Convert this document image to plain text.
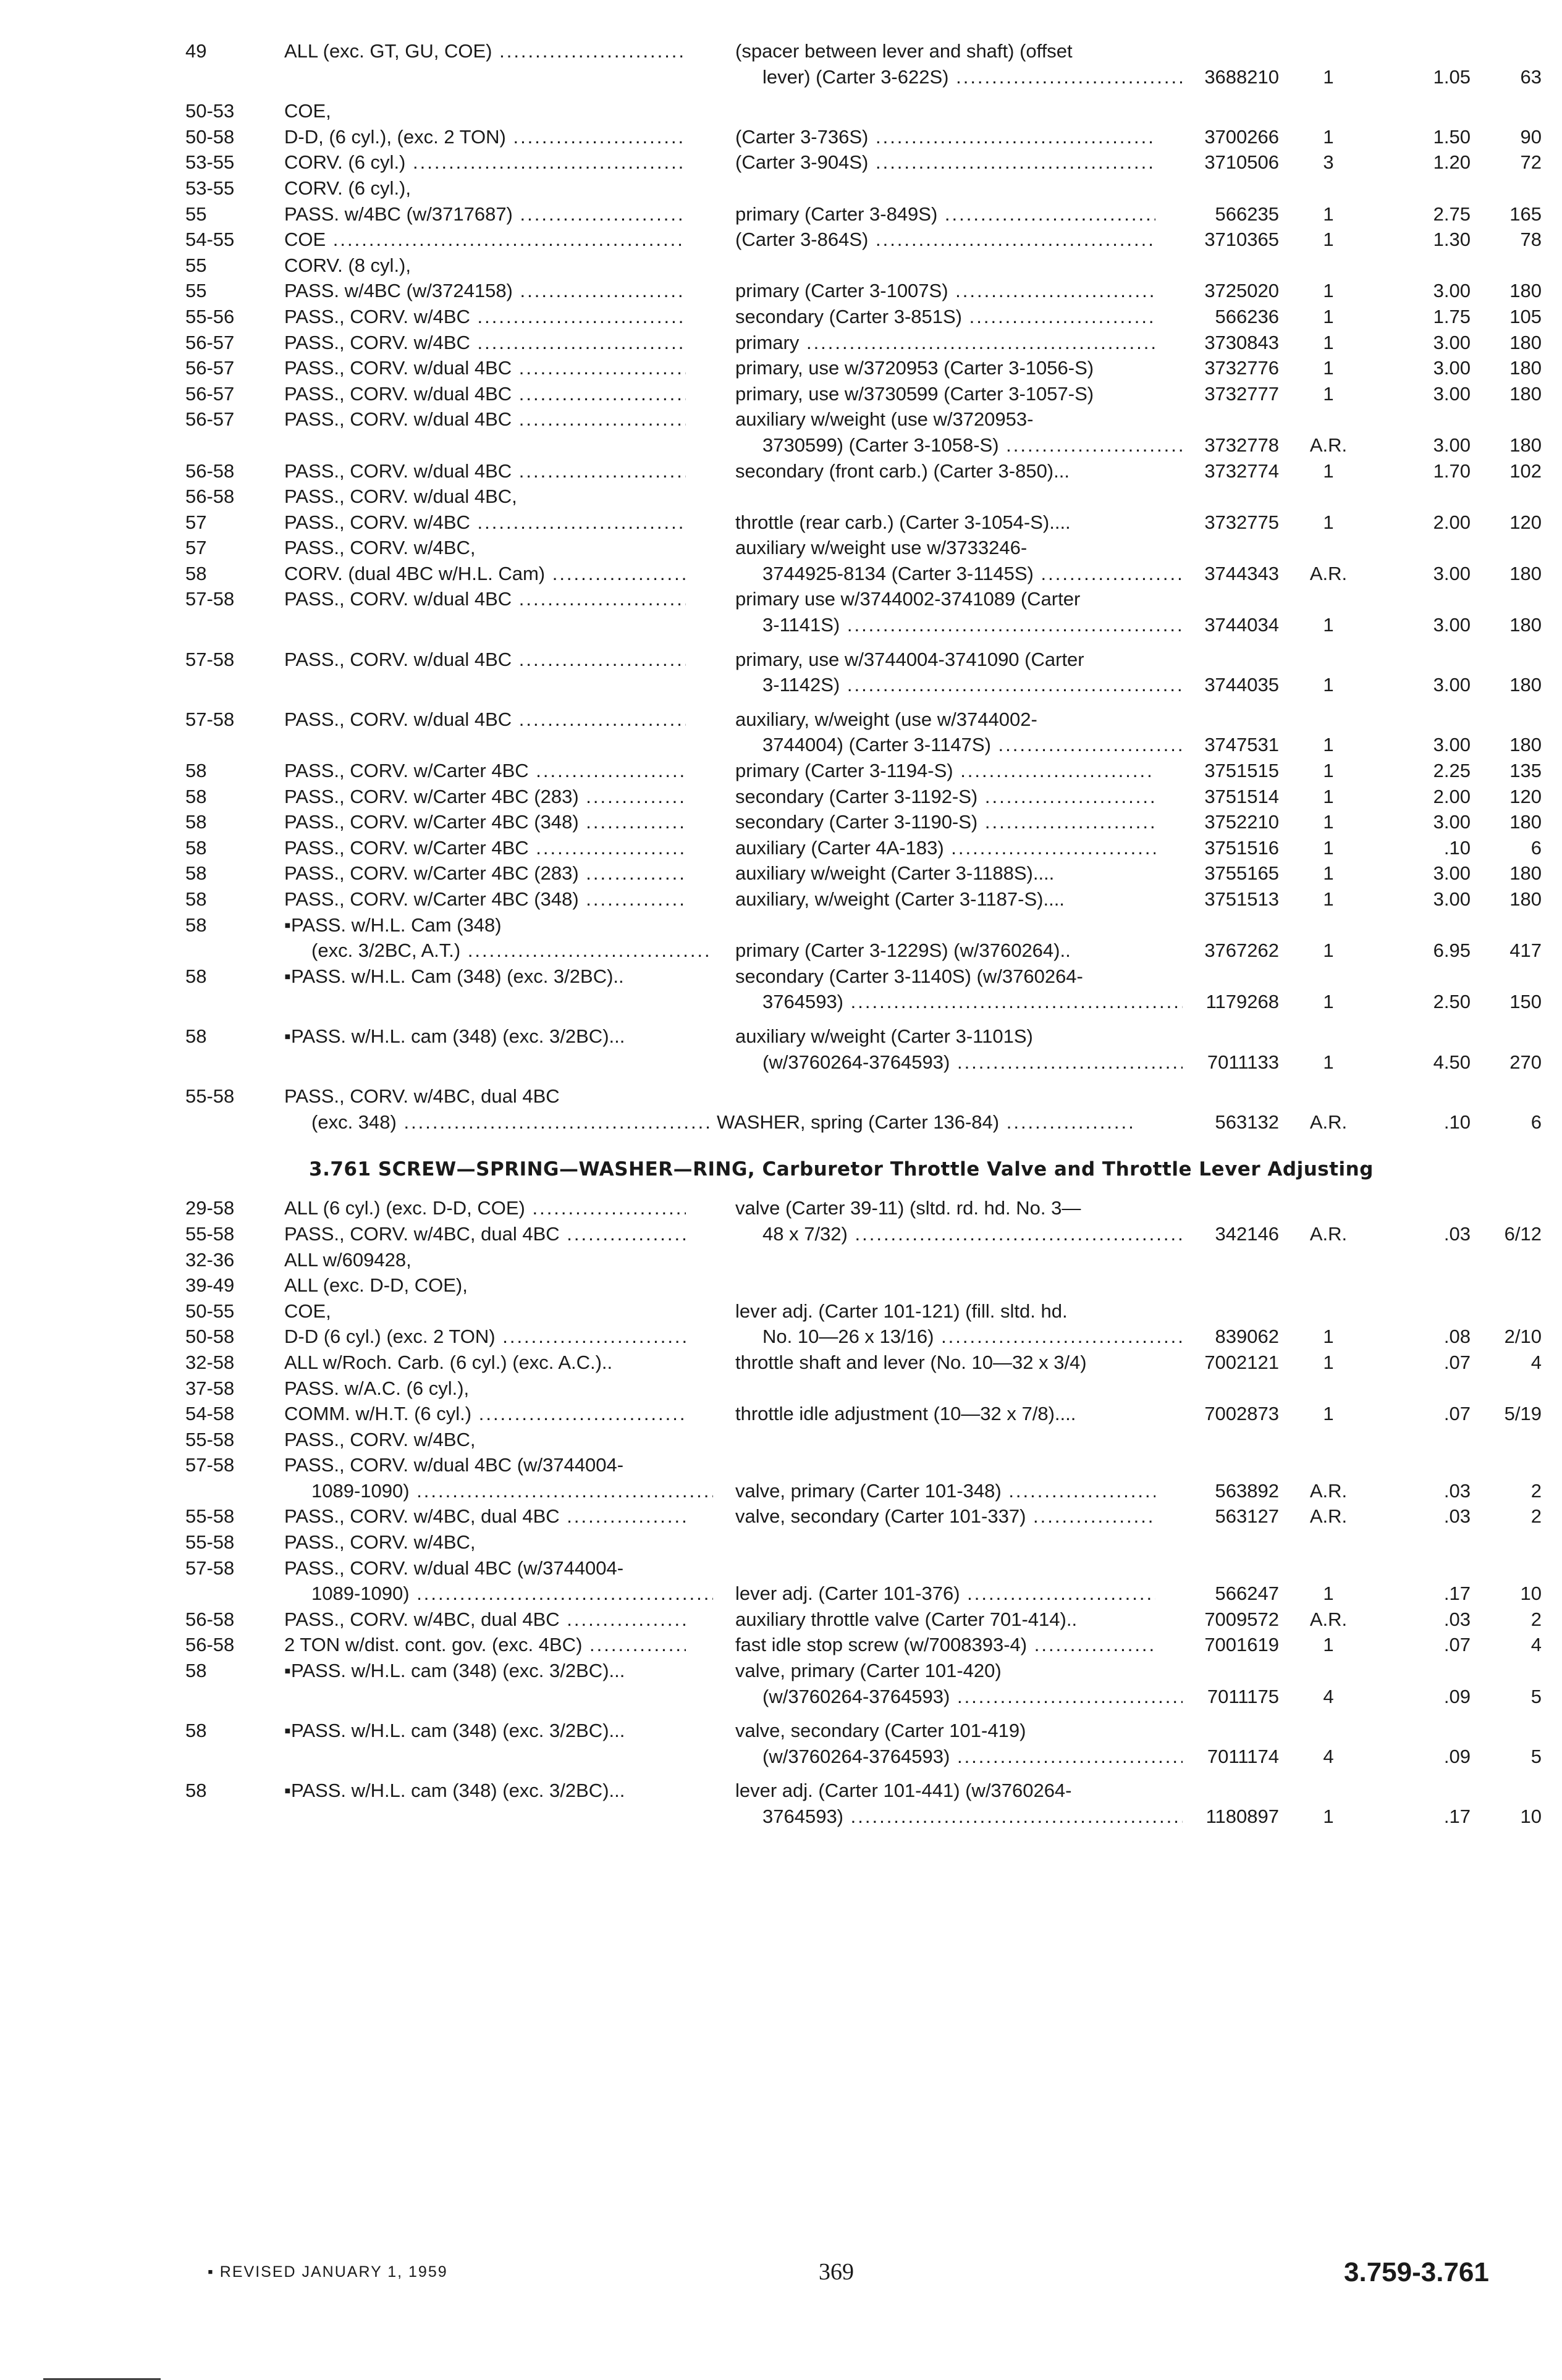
49	ALL (exc. GT, GU, COE) .....	(spacer between lever and shaft) (offset
lever) (Carter 3-622S) .....	3688210	1	1.05	63
50-53	COE,
50-58	D-D, (6 cyl.), (exc. 2 TON) .....	(Carter 3-736S) .....	3700266	1	1.50	90
53-55	CORV. (6 cyl.) .....	(Carter 3-904S) .....	3710506	3	1.20	72
53-55	CORV. (6 cyl.),
55	PASS. w/4BC (w/3717687) .....	primary (Carter 3-849S) .....	566235	1	2.75	165
54-55	COE .....	(Carter 3-864S) .....	3710365	1	1.30	78
55	CORV. (8 cyl.),
55	PASS. w/4BC (w/3724158) .....	primary (Carter 3-1007S) .....	3725020	1	3.00	180
55-56	PASS., CORV. w/4BC .....	secondary (Carter 3-851S) .....	566236	1	1.75	105
56-57	PASS., CORV. w/4BC .....	primary .....	3730843	1	3.00	180
56-57	PASS., CORV. w/dual 4BC .....	primary, use w/3720953 (Carter 3-1056-S)	3732776	1	3.00	180
56-57	PASS., CORV. w/dual 4BC .....	primary, use w/3730599 (Carter 3-1057-S)	3732777	1	3.00	180
56-57	PASS., CORV. w/dual 4BC .....	auxiliary w/weight (use w/3720953-
3730599) (Carter 3-1058-S) .....	3732778	A.R.	3.00	180
56-58	PASS., CORV. w/dual 4BC .....	secondary (front carb.) (Carter 3-850)...	3732774	1	1.70	102
56-58	PASS., CORV. w/dual 4BC,
57	PASS., CORV. w/4BC .....	throttle (rear carb.) (Carter 3-1054-S)....	3732775	1	2.00	120
57	PASS., CORV. w/4BC,	auxiliary w/weight use w/3733246-
58	CORV. (dual 4BC w/H.L. Cam) .....	3744925-8134 (Carter 3-1145S) .....	3744343	A.R.	3.00	180
57-58	PASS., CORV. w/dual 4BC .....	primary use w/3744002-3741089 (Carter
3-1141S) .....	3744034	1	3.00	180
57-58	PASS., CORV. w/dual 4BC .....	primary, use w/3744004-3741090 (Carter
3-1142S) .....	3744035	1	3.00	180
57-58	PASS., CORV. w/dual 4BC .....	auxiliary, w/weight (use w/3744002-
3744004) (Carter 3-1147S) .....	3747531	1	3.00	180
58	PASS., CORV. w/Carter 4BC .....	primary (Carter 3-1194-S) .....	3751515	1	2.25	135
58	PASS., CORV. w/Carter 4BC (283) .....	secondary (Carter 3-1192-S) .....	3751514	1	2.00	120
58	PASS., CORV. w/Carter 4BC (348) .....	secondary (Carter 3-1190-S) .....	3752210	1	3.00	180
58	PASS., CORV. w/Carter 4BC .....	auxiliary (Carter 4A-183) .....	3751516	1	.10	6
58	PASS., CORV. w/Carter 4BC (283) .....	auxiliary w/weight (Carter 3-1188S)....	3755165	1	3.00	180
58	PASS., CORV. w/Carter 4BC (348) .....	auxiliary, w/weight (Carter 3-1187-S)....	3751513	1	3.00	180
58	▪PASS. w/H.L. Cam (348)
(exc. 3/2BC, A.T.) .....	primary (Carter 3-1229S) (w/3760264)..	3767262	1	6.95	417
58	▪PASS. w/H.L. Cam (348) (exc. 3/2BC)..	secondary (Carter 3-1140S) (w/3760264-
3764593) .....	1179268	1	2.50	150
58	▪PASS. w/H.L. cam (348) (exc. 3/2BC)...	auxiliary w/weight (Carter 3-1101S)
(w/3760264-3764593) .....	7011133	1	4.50	270
55-58	PASS., CORV. w/4BC, dual 4BC
(exc. 348) .....	WASHER, spring (Carter 136-84) .....	563132	A.R.	.10	6
3.761 SCREW—SPRING—WASHER—RING, Carburetor Throttle Valve and Throttle Lever Adjusting
29-58	ALL (6 cyl.) (exc. D-D, COE) .....	valve (Carter 39-11) (sltd. rd. hd. No. 3—
55-58	PASS., CORV. w/4BC, dual 4BC .....	48 x 7/32) .....	342146	A.R.	.03	6/12
32-36	ALL w/609428,
39-49	ALL (exc. D-D, COE),
50-55	COE,	lever adj. (Carter 101-121) (fill. sltd. hd.
50-58	D-D (6 cyl.) (exc. 2 TON) .....	No. 10—26 x 13/16) .....	839062	1	.08	2/10
32-58	ALL w/Roch. Carb. (6 cyl.) (exc. A.C.)..	throttle shaft and lever (No. 10—32 x 3/4)	7002121	1	.07	4
37-58	PASS. w/A.C. (6 cyl.),
54-58	COMM. w/H.T. (6 cyl.) .....	throttle idle adjustment (10—32 x 7/8)....	7002873	1	.07	5/19
55-58	PASS., CORV. w/4BC,
57-58	PASS., CORV. w/dual 4BC (w/3744004-
1089-1090) .....	valve, primary (Carter 101-348) .....	563892	A.R.	.03	2
55-58	PASS., CORV. w/4BC, dual 4BC .....	valve, secondary (Carter 101-337) .....	563127	A.R.	.03	2
55-58	PASS., CORV. w/4BC,
57-58	PASS., CORV. w/dual 4BC (w/3744004-
1089-1090) .....	lever adj. (Carter 101-376) .....	566247	1	.17	10
56-58	PASS., CORV. w/4BC, dual 4BC .....	auxiliary throttle valve (Carter 701-414)..	7009572	A.R.	.03	2
56-58	2 TON w/dist. cont. gov. (exc. 4BC) .....	fast idle stop screw (w/7008393-4) .....	7001619	1	.07	4
58	▪PASS. w/H.L. cam (348) (exc. 3/2BC)...	valve, primary (Carter 101-420)
(w/3760264-3764593) .....	7011175	4	.09	5
58	▪PASS. w/H.L. cam (348) (exc. 3/2BC)...	valve, secondary (Carter 101-419)
(w/3760264-3764593) .....	7011174	4	.09	5
58	▪PASS. w/H.L. cam (348) (exc. 3/2BC)...	lever adj. (Carter 101-441) (w/3760264-
3764593) .....	1180897	1	.17	10
▪ REVISED JANUARY 1, 1959	369	3.759-3.761
